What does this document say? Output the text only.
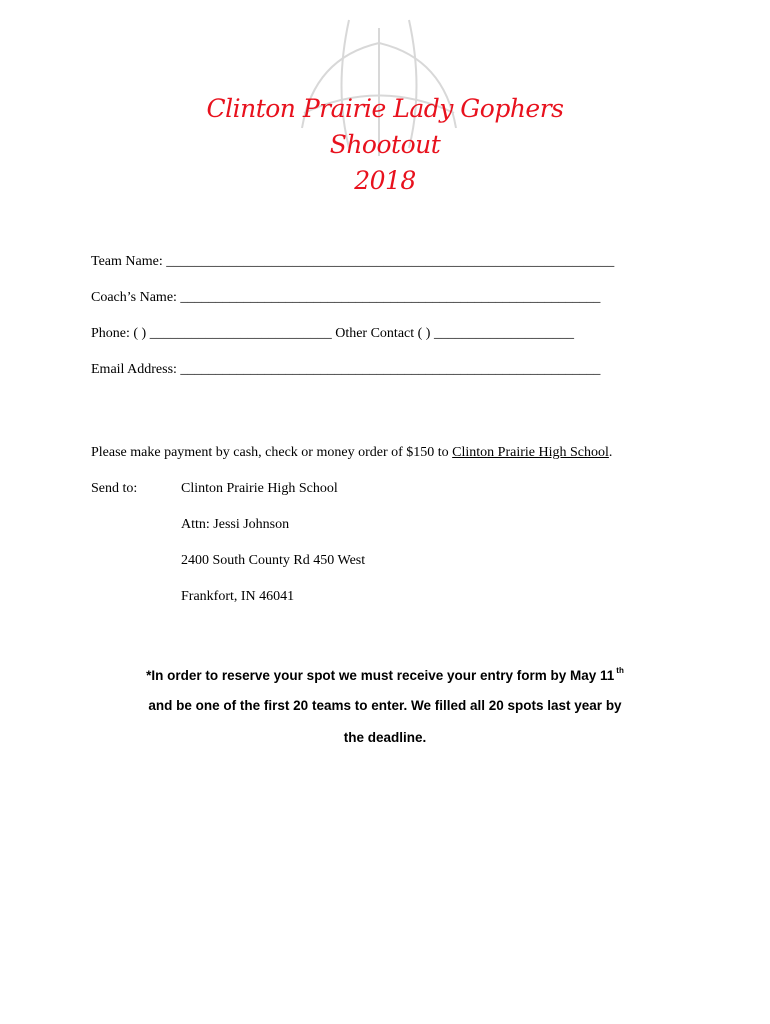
Clinton Prairie Lady Gophers
Shootout
2018
Team Name: ________________________________________________________________
Coach’s Name: ____________________________________________________________
Phone: ( ) __________________________ Other Contact ( ) ____________________
Email Address: ____________________________________________________________
Please make payment by cash, check or money order of $150 to Clinton Prairie High School.
Send to:	Clinton Prairie High School
Attn: Jessi Johnson
2400 South County Rd 450 West
Frankfort, IN 46041
*In order to reserve your spot we must receive your entry form by May 11 $^{th}$
and be one of the first 20 teams to enter. We filled all 20 spots last year by
the deadline.
